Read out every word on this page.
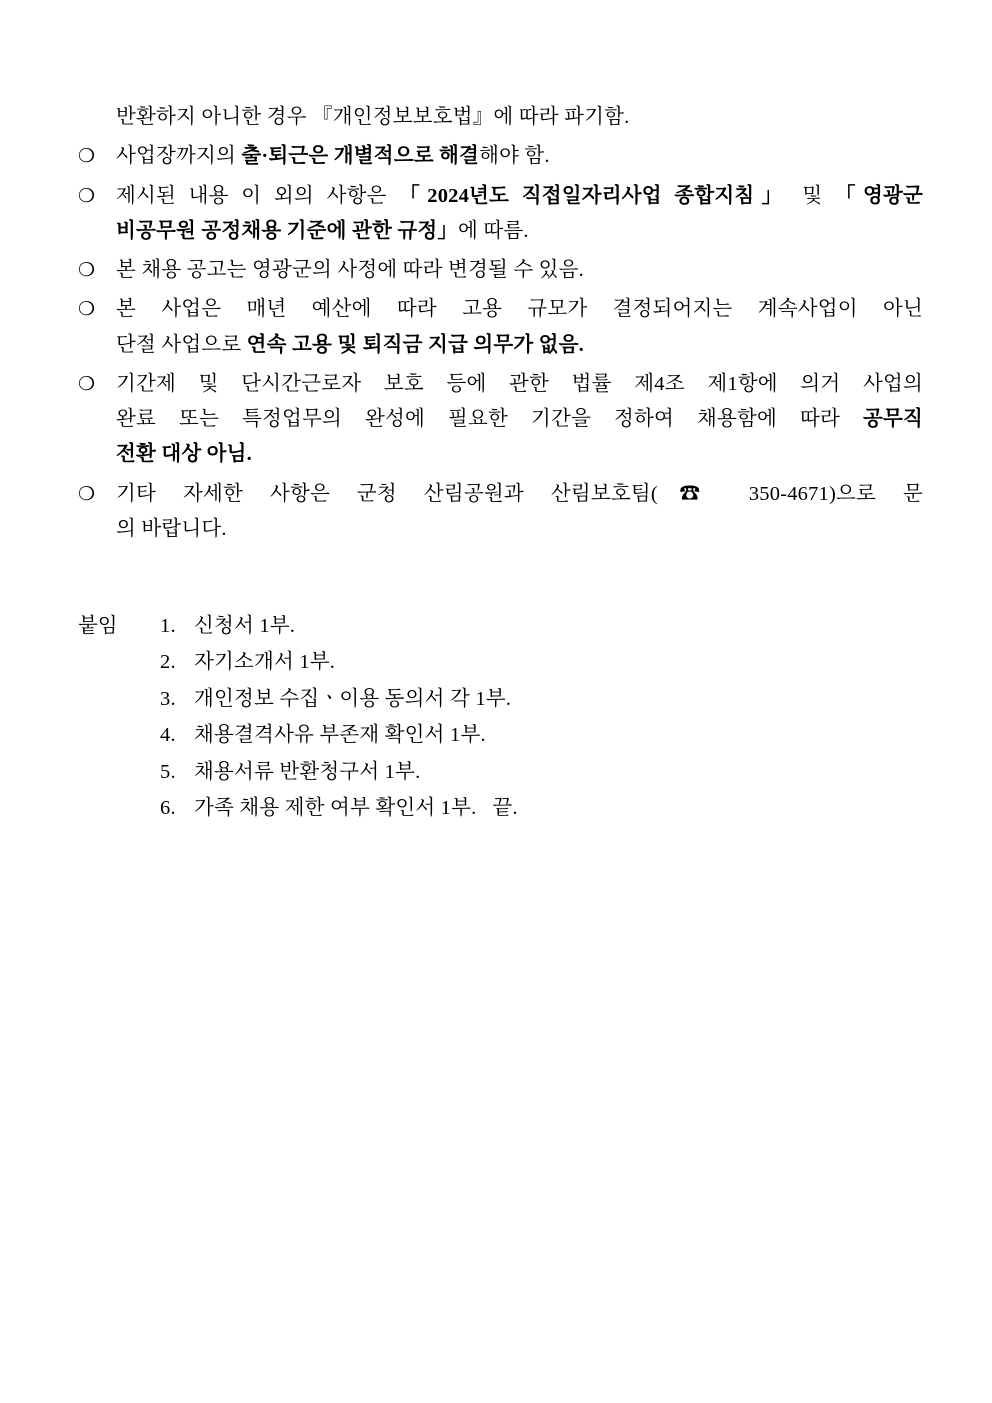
반환하지 아니한 경우 『개인정보보호법』에 따라 파기함.
❍	사업장까지의 출·퇴근은 개별적으로 해결해야 함.
❍	제시된 내용 이 외의 사항은 「2024년도 직접일자리사업 종합지침」 및 「영광군
비공무원 공정채용 기준에 관한 규정」에 따름.
❍	본 채용 공고는 영광군의 사정에 따라 변경될 수 있음.
❍	본 사업은 매년 예산에 따라 고용 규모가 결정되어지는 계속사업이 아닌
단절 사업으로 연속 고용 및 퇴직금 지급 의무가 없음.
❍	기간제 및 단시간근로자 보호 등에 관한 법률 제4조 제1항에 의거 사업의
완료 또는 특정업무의 완성에 필요한 기간을 정하여 채용함에 따라 공무직
전환 대상 아님.
❍	기타 자세한 사항은 군청 산림공원과 산림보호팀(☎ 350-4671)으로 문
의 바랍니다.
붙임	1. 신청서 1부.
2. 자기소개서 1부.
3. 개인정보 수집ㆍ이용 동의서 각 1부.
4. 채용결격사유 부존재 확인서 1부.
5. 채용서류 반환청구서 1부.
6. 가족 채용 제한 여부 확인서 1부.   끝.
